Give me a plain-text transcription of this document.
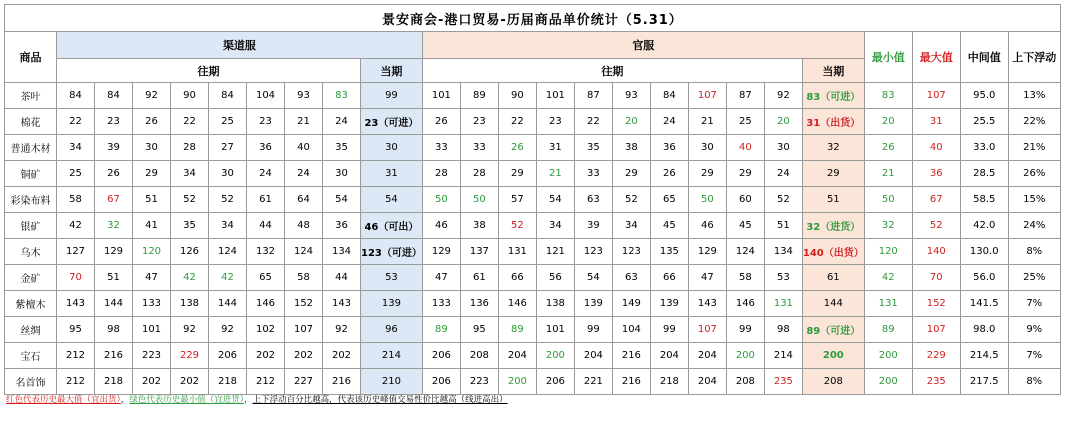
景安商会-港口贸易-历届商品单价统计（5.31）																								
商品	渠道服									官服											最小值	最大值	中间值	上下浮动
	往期								当期	往期										当期				
茶叶	84	84	92	90	84	104	93	83	99	101	89	90	101	87	93	84	107	87	92	83（可进）	83	107	95.0	13%
棉花	22	23	26	22	25	23	21	24	23（可进）	26	23	22	23	22	20	24	21	25	20	31（出货）	20	31	25.5	22%
普通木材	34	39	30	28	27	36	40	35	30	33	33	26	31	35	38	36	30	40	30	32	26	40	33.0	21%
铜矿	25	26	29	34	30	24	24	30	31	28	28	29	21	33	29	26	29	29	24	29	21	36	28.5	26%
彩染布料	58	67	51	52	52	61	64	54	54	50	50	57	54	63	52	65	50	60	52	51	50	67	58.5	15%
银矿	42	32	41	35	34	44	48	36	46（可出）	46	38	52	34	39	34	45	46	45	51	32（进货）	32	52	42.0	24%
乌木	127	129	120	126	124	132	124	134	123（可进）	129	137	131	121	123	123	135	129	124	134	140（出货）	120	140	130.0	8%
金矿	70	51	47	42	42	65	58	44	53	47	61	66	56	54	63	66	47	58	53	61	42	70	56.0	25%
紫檀木	143	144	133	138	144	146	152	143	139	133	136	146	138	139	149	139	143	146	131	144	131	152	141.5	7%
丝绸	95	98	101	92	92	102	107	92	96	89	95	89	101	99	104	99	107	99	98	89（可进）	89	107	98.0	9%
宝石	212	216	223	229	206	202	202	202	214	206	208	204	200	204	216	204	204	200	214	200	200	229	214.5	7%
名首饰	212	218	202	202	218	212	227	216	210	206	223	200	206	221	216	218	204	208	235	208	200	235	217.5	8%
红色代表历史最大值（宜出货），绿色代表历史最小值（宜进货），上下浮动百分比越高，代表该历史峰值交易性价比越高（线进高出）
